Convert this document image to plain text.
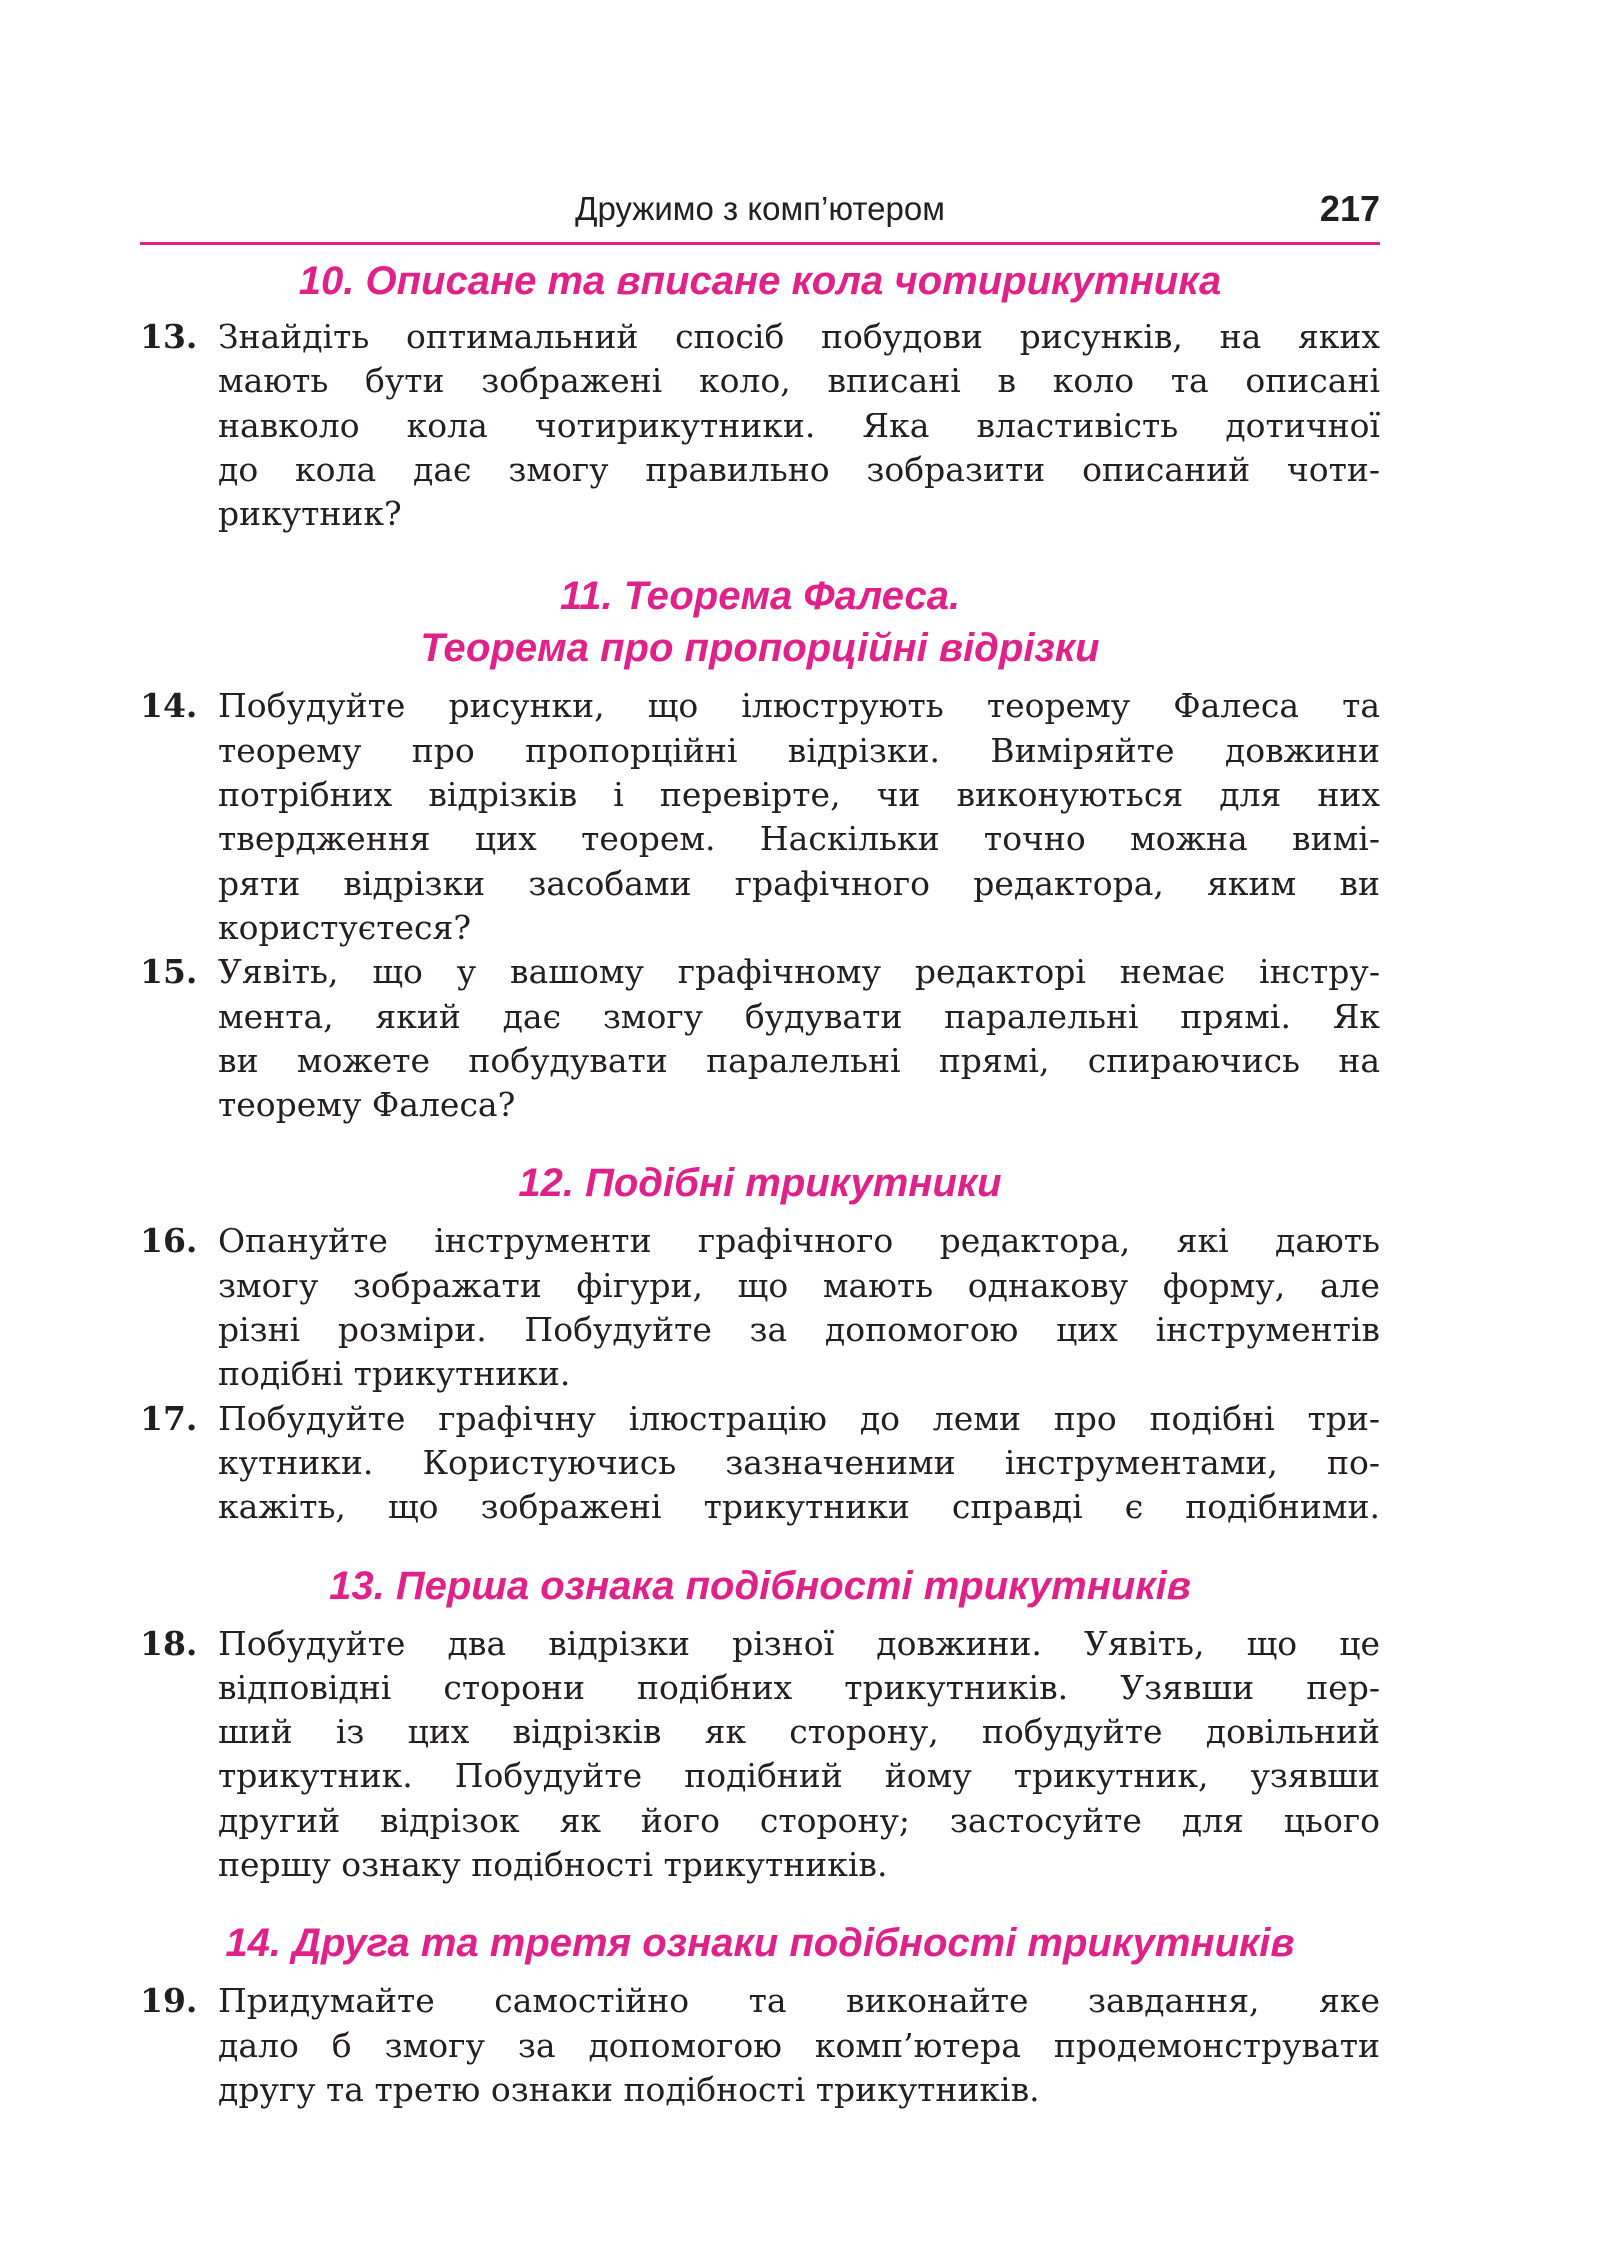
Дружимо з комп’ютером	217
10. Описане та вписане кола чотирикутника
13. Знайдіть оптимальний спосіб побудови рисунків, на яких
мають бути зображені коло, вписані в коло та описані
навколо кола чотирикутники. Яка властивість дотичної
до кола дає змогу правильно зобразити описаний чоти-
рикутник?
11. Теорема Фалеса.
Теорема про пропорційні відрізки
14. Побудуйте рисунки, що ілюструють теорему Фалеса та
теорему про пропорційні відрізки. Виміряйте довжини
потрібних відрізків і перевірте, чи виконуються для них
твердження цих теорем. Наскільки точно можна вимі-
ряти відрізки засобами графічного редактора, яким ви
користуєтеся?
15. Уявіть, що у вашому графічному редакторі немає інстру-
мента, який дає змогу будувати паралельні прямі. Як
ви можете побудувати паралельні прямі, спираючись на
теорему Фалеса?
12. Подібні трикутники
16. Опануйте інструменти графічного редактора, які дають
змогу зображати фігури, що мають однакову форму, але
різні розміри. Побудуйте за допомогою цих інструментів
подібні трикутники.
17. Побудуйте графічну ілюстрацію до леми про подібні три-
кутники. Користуючись зазначеними інструментами, по-
кажіть, що зображені трикутники справді є подібними.
13. Перша ознака подібності трикутників
18. Побудуйте два відрізки різної довжини. Уявіть, що це
відповідні сторони подібних трикутників. Узявши пер-
ший із цих відрізків як сторону, побудуйте довільний
трикутник. Побудуйте подібний йому трикутник, узявши
другий відрізок як його сторону; застосуйте для цього
першу ознаку подібності трикутників.
14. Друга та третя ознаки подібності трикутників
19. Придумайте самостійно та виконайте завдання, яке
дало б змогу за допомогою комп’ютера продемонструвати
другу та третю ознаки подібності трикутників.
